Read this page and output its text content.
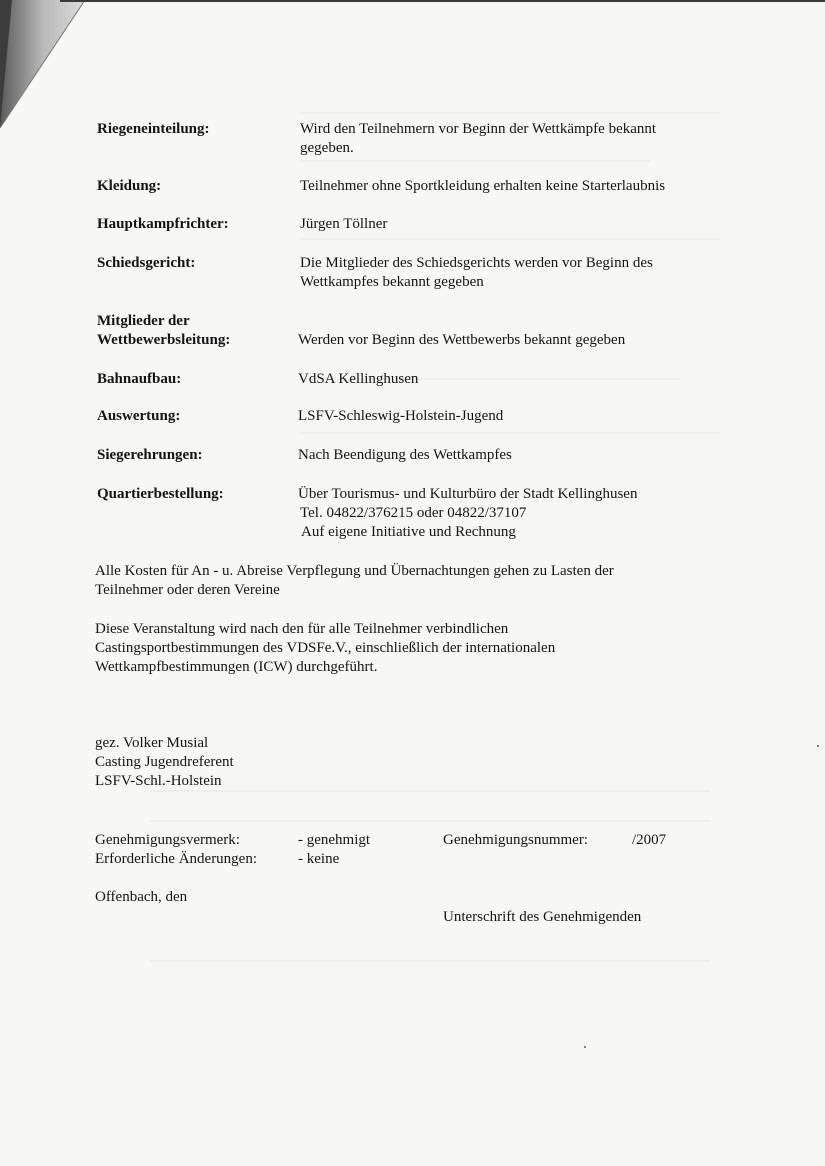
Riegeneinteilung:	Wird den Teilnehmern vor Beginn der Wettkämpfe bekannt
gegeben.
Kleidung:	Teilnehmer ohne Sportkleidung erhalten keine Starterlaubnis
Hauptkampfrichter:	Jürgen Töllner
Schiedsgericht:	Die Mitglieder des Schiedsgerichts werden vor Beginn des
Wettkampfes bekannt gegeben
Mitglieder der
Wettbewerbsleitung:	Werden vor Beginn des Wettbewerbs bekannt gegeben
Bahnaufbau:	VdSA Kellinghusen
Auswertung:	LSFV-Schleswig-Holstein-Jugend
Siegerehrungen:	Nach Beendigung des Wettkampfes
Quartierbestellung:	Über Tourismus- und Kulturbüro der Stadt Kellinghusen
Tel. 04822/376215 oder 04822/37107
Auf eigene Initiative und Rechnung
Alle Kosten für An - u. Abreise Verpflegung und Übernachtungen gehen zu Lasten der
Teilnehmer oder deren Vereine
Diese Veranstaltung wird nach den für alle Teilnehmer verbindlichen
Castingsportbestimmungen des VDSFe.V., einschließlich der internationalen
Wettkampfbestimmungen (ICW) durchgeführt.
gez. Volker Musial
Casting Jugendreferent
LSFV-Schl.-Holstein
Genehmigungsvermerk:	- genehmigt	Genehmigungsnummer:	/2007
Erforderliche Änderungen:	- keine
Offenbach, den
Unterschrift des Genehmigenden
